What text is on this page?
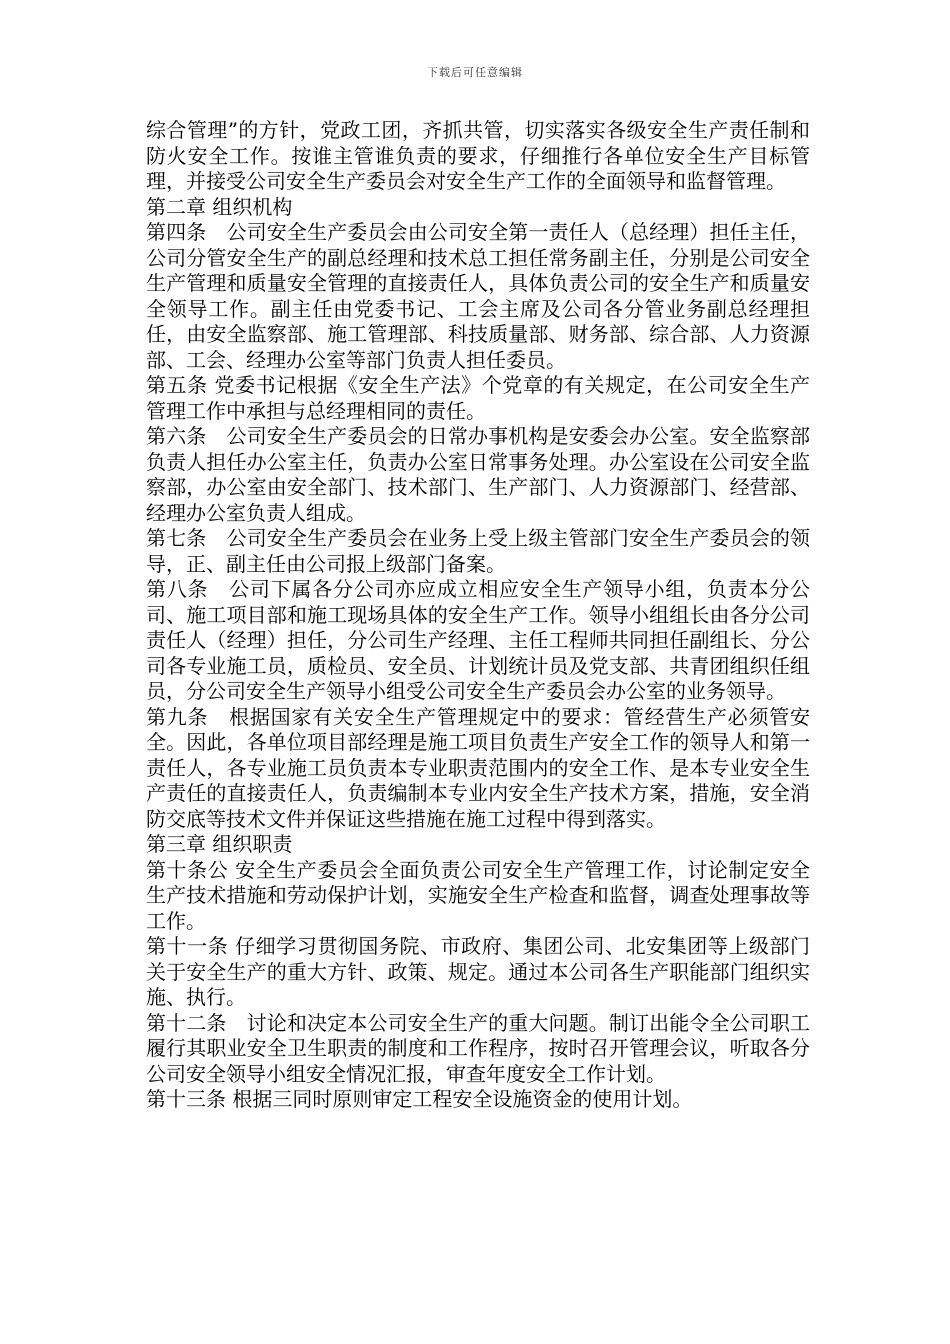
下载后可任意编辑

综合管理”的方针，党政工团，齐抓共管，切实落实各级安全生产责任制和防火安全工作。按谁主管谁负责的要求，仔细推行各单位安全生产目标管理，并接受公司安全生产委员会对安全生产工作的全面领导和监督管理。

第二章 组织机构

第四条　公司安全生产委员会由公司安全第一责任人（总经理）担任主任，公司分管安全生产的副总经理和技术总工担任常务副主任，分别是公司安全生产管理和质量安全管理的直接责任人，具体负责公司的安全生产和质量安全领导工作。副主任由党委书记、工会主席及公司各分管业务副总经理担任，由安全监察部、施工管理部、科技质量部、财务部、综合部、人力资源部、工会、经理办公室等部门负责人担任委员。

第五条 党委书记根据《安全生产法》个党章的有关规定，在公司安全生产管理工作中承担与总经理相同的责任。

第六条　公司安全生产委员会的日常办事机构是安委会办公室。安全监察部负责人担任办公室主任，负责办公室日常事务处理。办公室设在公司安全监察部，办公室由安全部门、技术部门、生产部门、人力资源部门、经营部、经理办公室负责人组成。

第七条　公司安全生产委员会在业务上受上级主管部门安全生产委员会的领导，正、副主任由公司报上级部门备案。

第八条　公司下属各分公司亦应成立相应安全生产领导小组，负责本分公司、施工项目部和施工现场具体的安全生产工作。领导小组组长由各分公司责任人（经理）担任，分公司生产经理、主任工程师共同担任副组长、分公司各专业施工员，质检员、安全员、计划统计员及党支部、共青团组织任组员，分公司安全生产领导小组受公司安全生产委员会办公室的业务领导。

第九条　根据国家有关安全生产管理规定中的要求：管经营生产必须管安全。因此，各单位项目部经理是施工项目负责生产安全工作的领导人和第一责任人，各专业施工员负责本专业职责范围内的安全工作、是本专业安全生产责任的直接责任人，负责编制本专业内安全生产技术方案，措施，安全消防交底等技术文件并保证这些措施在施工过程中得到落实。

第三章 组织职责

第十条公 安全生产委员会全面负责公司安全生产管理工作，讨论制定安全生产技术措施和劳动保护计划，实施安全生产检查和监督，调查处理事故等工作。

第十一条 仔细学习贯彻国务院、市政府、集团公司、北安集团等上级部门关于安全生产的重大方针、政策、规定。通过本公司各生产职能部门组织实施、执行。

第十二条　讨论和决定本公司安全生产的重大问题。制订出能令全公司职工履行其职业安全卫生职责的制度和工作程序，按时召开管理会议，听取各分公司安全领导小组安全情况汇报，审查年度安全工作计划。

第十三条 根据三同时原则审定工程安全设施资金的使用计划。
